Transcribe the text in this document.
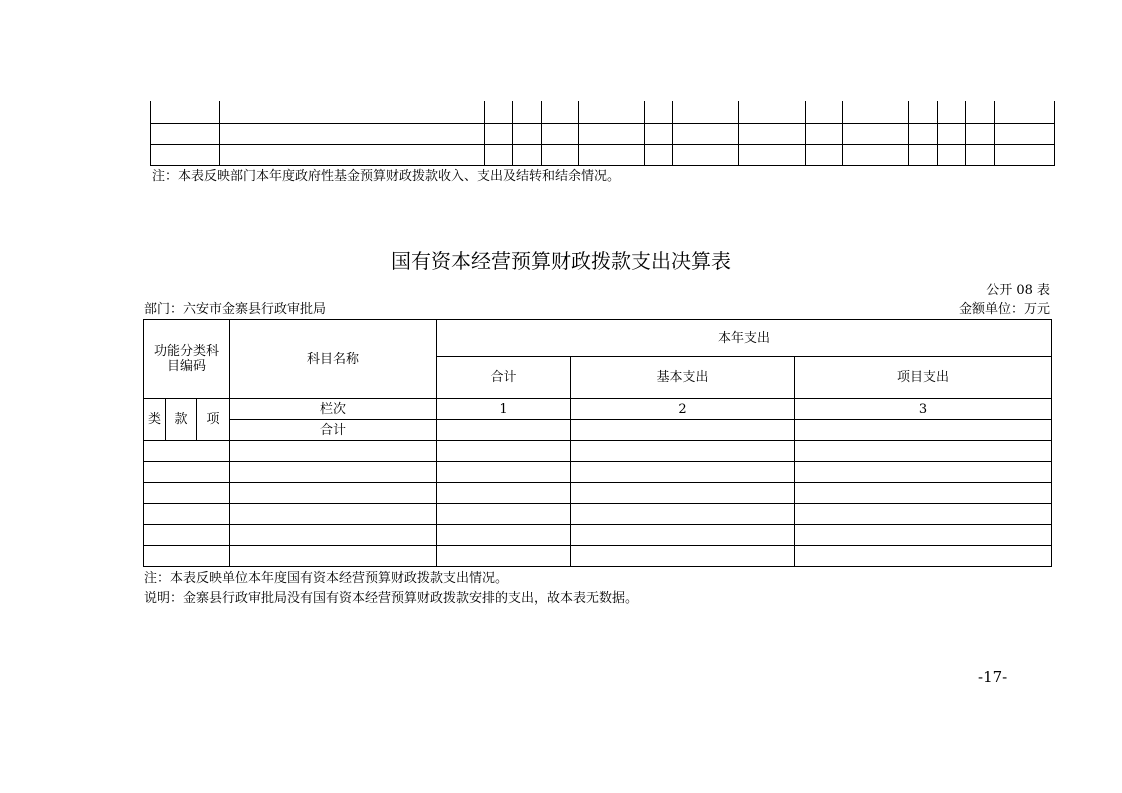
注：本表反映部门本年度政府性基金预算财政拨款收入、支出及结转和结余情况。
国有资本经营预算财政拨款支出决算表
公开 08 表
部门：六安市金寨县行政审批局	金额单位：万元
功能分类科
目编码			科目名称	本年支出		
				合计	基本支出	项目支出
类	款	项	栏次	1	2	3
			合计			

注：本表反映单位本年度国有资本经营预算财政拨款支出情况。
说明：金寨县行政审批局没有国有资本经营预算财政拨款安排的支出，故本表无数据。
-17-
